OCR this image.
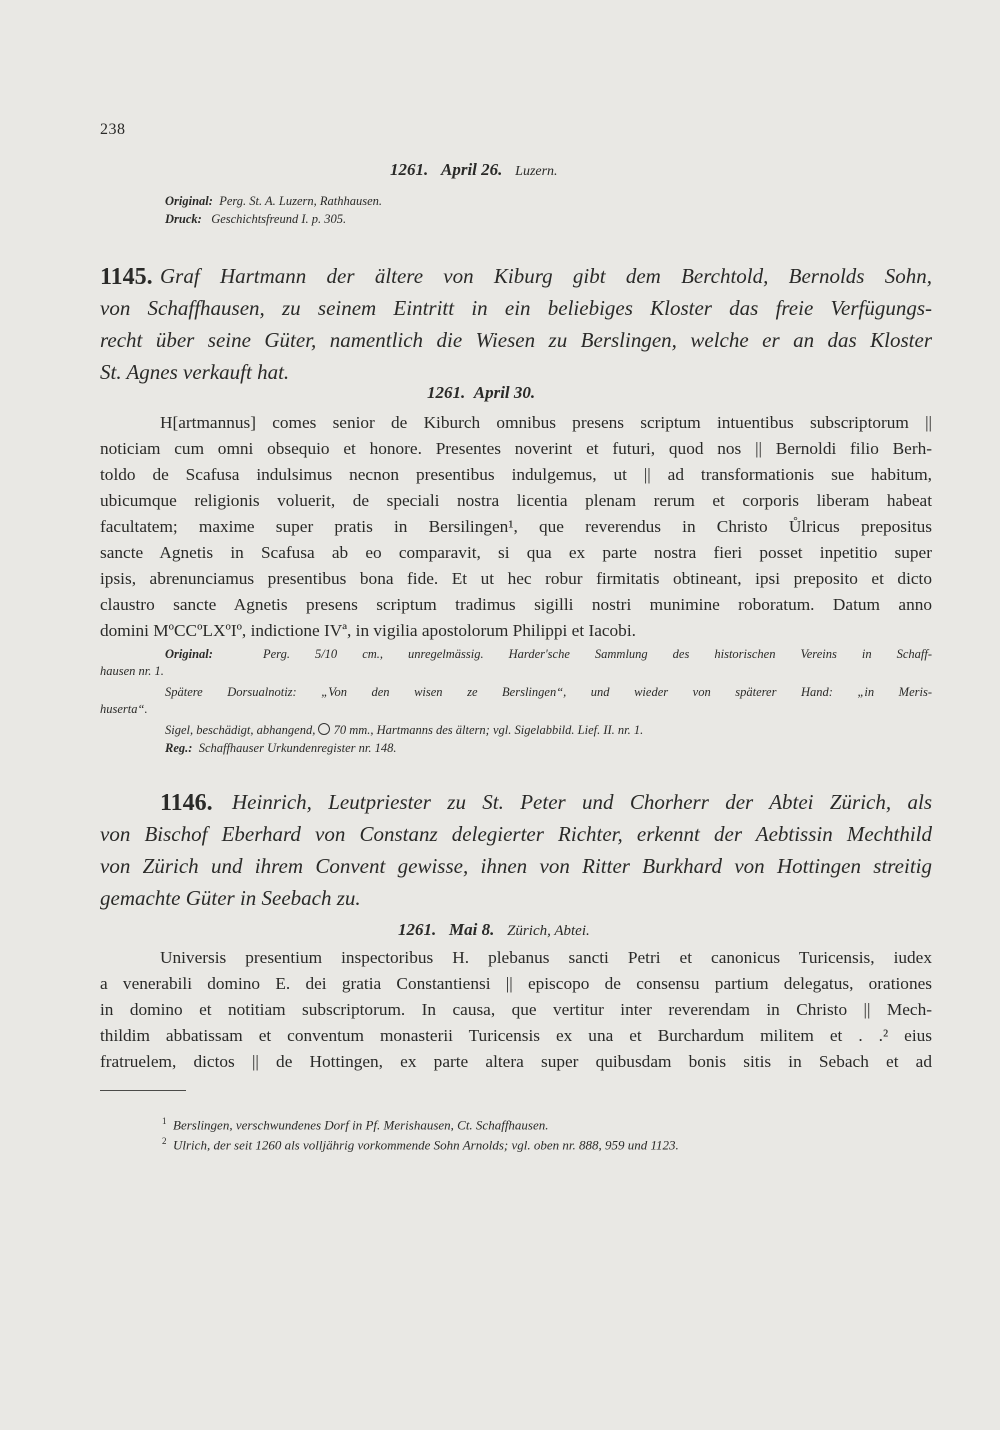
238
1261. April 26. Luzern.
Original: Perg. St. A. Luzern, Rathhausen.
Druck: Geschichtsfreund I. p. 305.
1145. Graf Hartmann der ältere von Kiburg gibt dem Berchtold, Bernolds Sohn,
von Schaffhausen, zu seinem Eintritt in ein beliebiges Kloster das freie Verfügungs-
recht über seine Güter, namentlich die Wiesen zu Berslingen, welche er an das Kloster
St. Agnes verkauft hat.
1261. April 30.
H[artmannus] comes senior de Kiburch omnibus presens scriptum intuentibus subscriptorum ||
noticiam cum omni obsequio et honore. Presentes noverint et futuri, quod nos || Bernoldi filio Berh-
toldo de Scafusa indulsimus necnon presentibus indulgemus, ut || ad transformationis sue habitum,
ubicumque religionis voluerit, de speciali nostra licentia plenam rerum et corporis liberam habeat
facultatem; maxime super pratis in Bersilingen¹, que reverendus in Christo Ůlricus prepositus
sancte Agnetis in Scafusa ab eo comparavit, si qua ex parte nostra fieri posset inpetitio super
ipsis, abrenunciamus presentibus bona fide. Et ut hec robur firmitatis obtineant, ipsi preposito et dicto
claustro sancte Agnetis presens scriptum tradimus sigilli nostri munimine roboratum. Datum anno
domini MºCCºLXºIº, indictione IVª, in vigilia apostolorum Philippi et Iacobi.
Original:	Perg. 5/10 cm., unregelmässig. Harder'sche Sammlung des historischen Vereins in Schaff-
hausen nr. 1.
Spätere Dorsualnotiz: „Von den wisen ze Berslingen“, und wieder von späterer Hand: „in Meris-
huserta“.
Sigel, beschädigt, abhangend, 70 mm., Hartmanns des ältern; vgl. Sigelabbild. Lief. II. nr. 1.
Reg.: Schaffhauser Urkundenregister nr. 148.
1146. Heinrich, Leutpriester zu St. Peter und Chorherr der Abtei Zürich, als
von Bischof Eberhard von Constanz delegierter Richter, erkennt der Aebtissin Mechthild
von Zürich und ihrem Convent gewisse, ihnen von Ritter Burkhard von Hottingen streitig
gemachte Güter in Seebach zu.
1261. Mai 8. Zürich, Abtei.
Universis presentium inspectoribus H. plebanus sancti Petri et canonicus Turicensis, iudex
a venerabili domino E. dei gratia Constantiensi || episcopo de consensu partium delegatus, orationes
in domino et notitiam subscriptorum. In causa, que vertitur inter reverendam in Christo || Mech-
thildim abbatissam et conventum monasterii Turicensis ex una et Burchardum militem et . .² eius
fratruelem, dictos || de Hottingen, ex parte altera super quibusdam bonis sitis in Sebach et ad
$^1$ Berslingen, verschwundenes Dorf in Pf. Merishausen, Ct. Schaffhausen.
$^2$ Ulrich, der seit 1260 als volljährig vorkommende Sohn Arnolds; vgl. oben nr. 888, 959 und 1123.
